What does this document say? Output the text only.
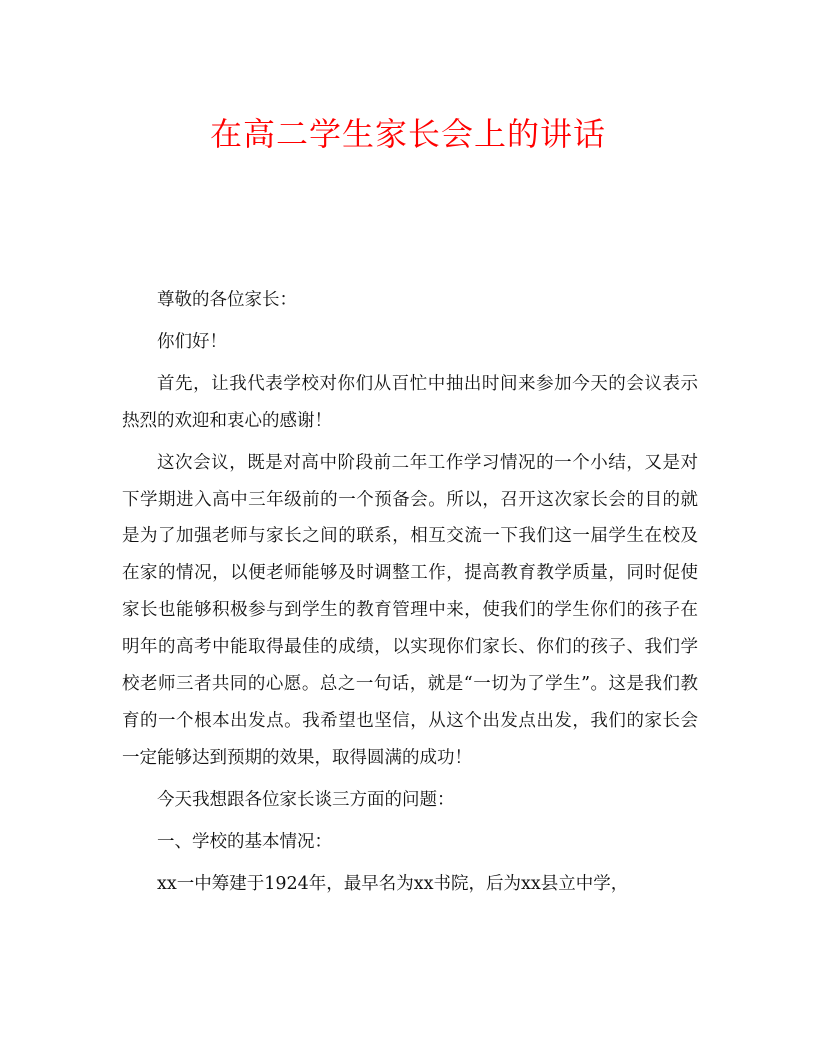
在高二学生家长会上的讲话

尊敬的各位家长：

你们好！

首先，让我代表学校对你们从百忙中抽出时间来参加今天的会议表示热烈的欢迎和衷心的感谢！

这次会议，既是对高中阶段前二年工作学习情况的一个小结，又是对下学期进入高中三年级前的一个预备会。所以，召开这次家长会的目的就是为了加强老师与家长之间的联系，相互交流一下我们这一届学生在校及在家的情况，以便老师能够及时调整工作，提高教育教学质量，同时促使家长也能够积极参与到学生的教育管理中来，使我们的学生你们的孩子在明年的高考中能取得最佳的成绩，以实现你们家长、你们的孩子、我们学校老师三者共同的心愿。总之一句话，就是“一切为了学生”。这是我们教育的一个根本出发点。我希望也坚信，从这个出发点出发，我们的家长会一定能够达到预期的效果，取得圆满的成功！

今天我想跟各位家长谈三方面的问题：

一、学校的基本情况：

xx一中筹建于1924年，最早名为xx书院，后为xx县立中学，
